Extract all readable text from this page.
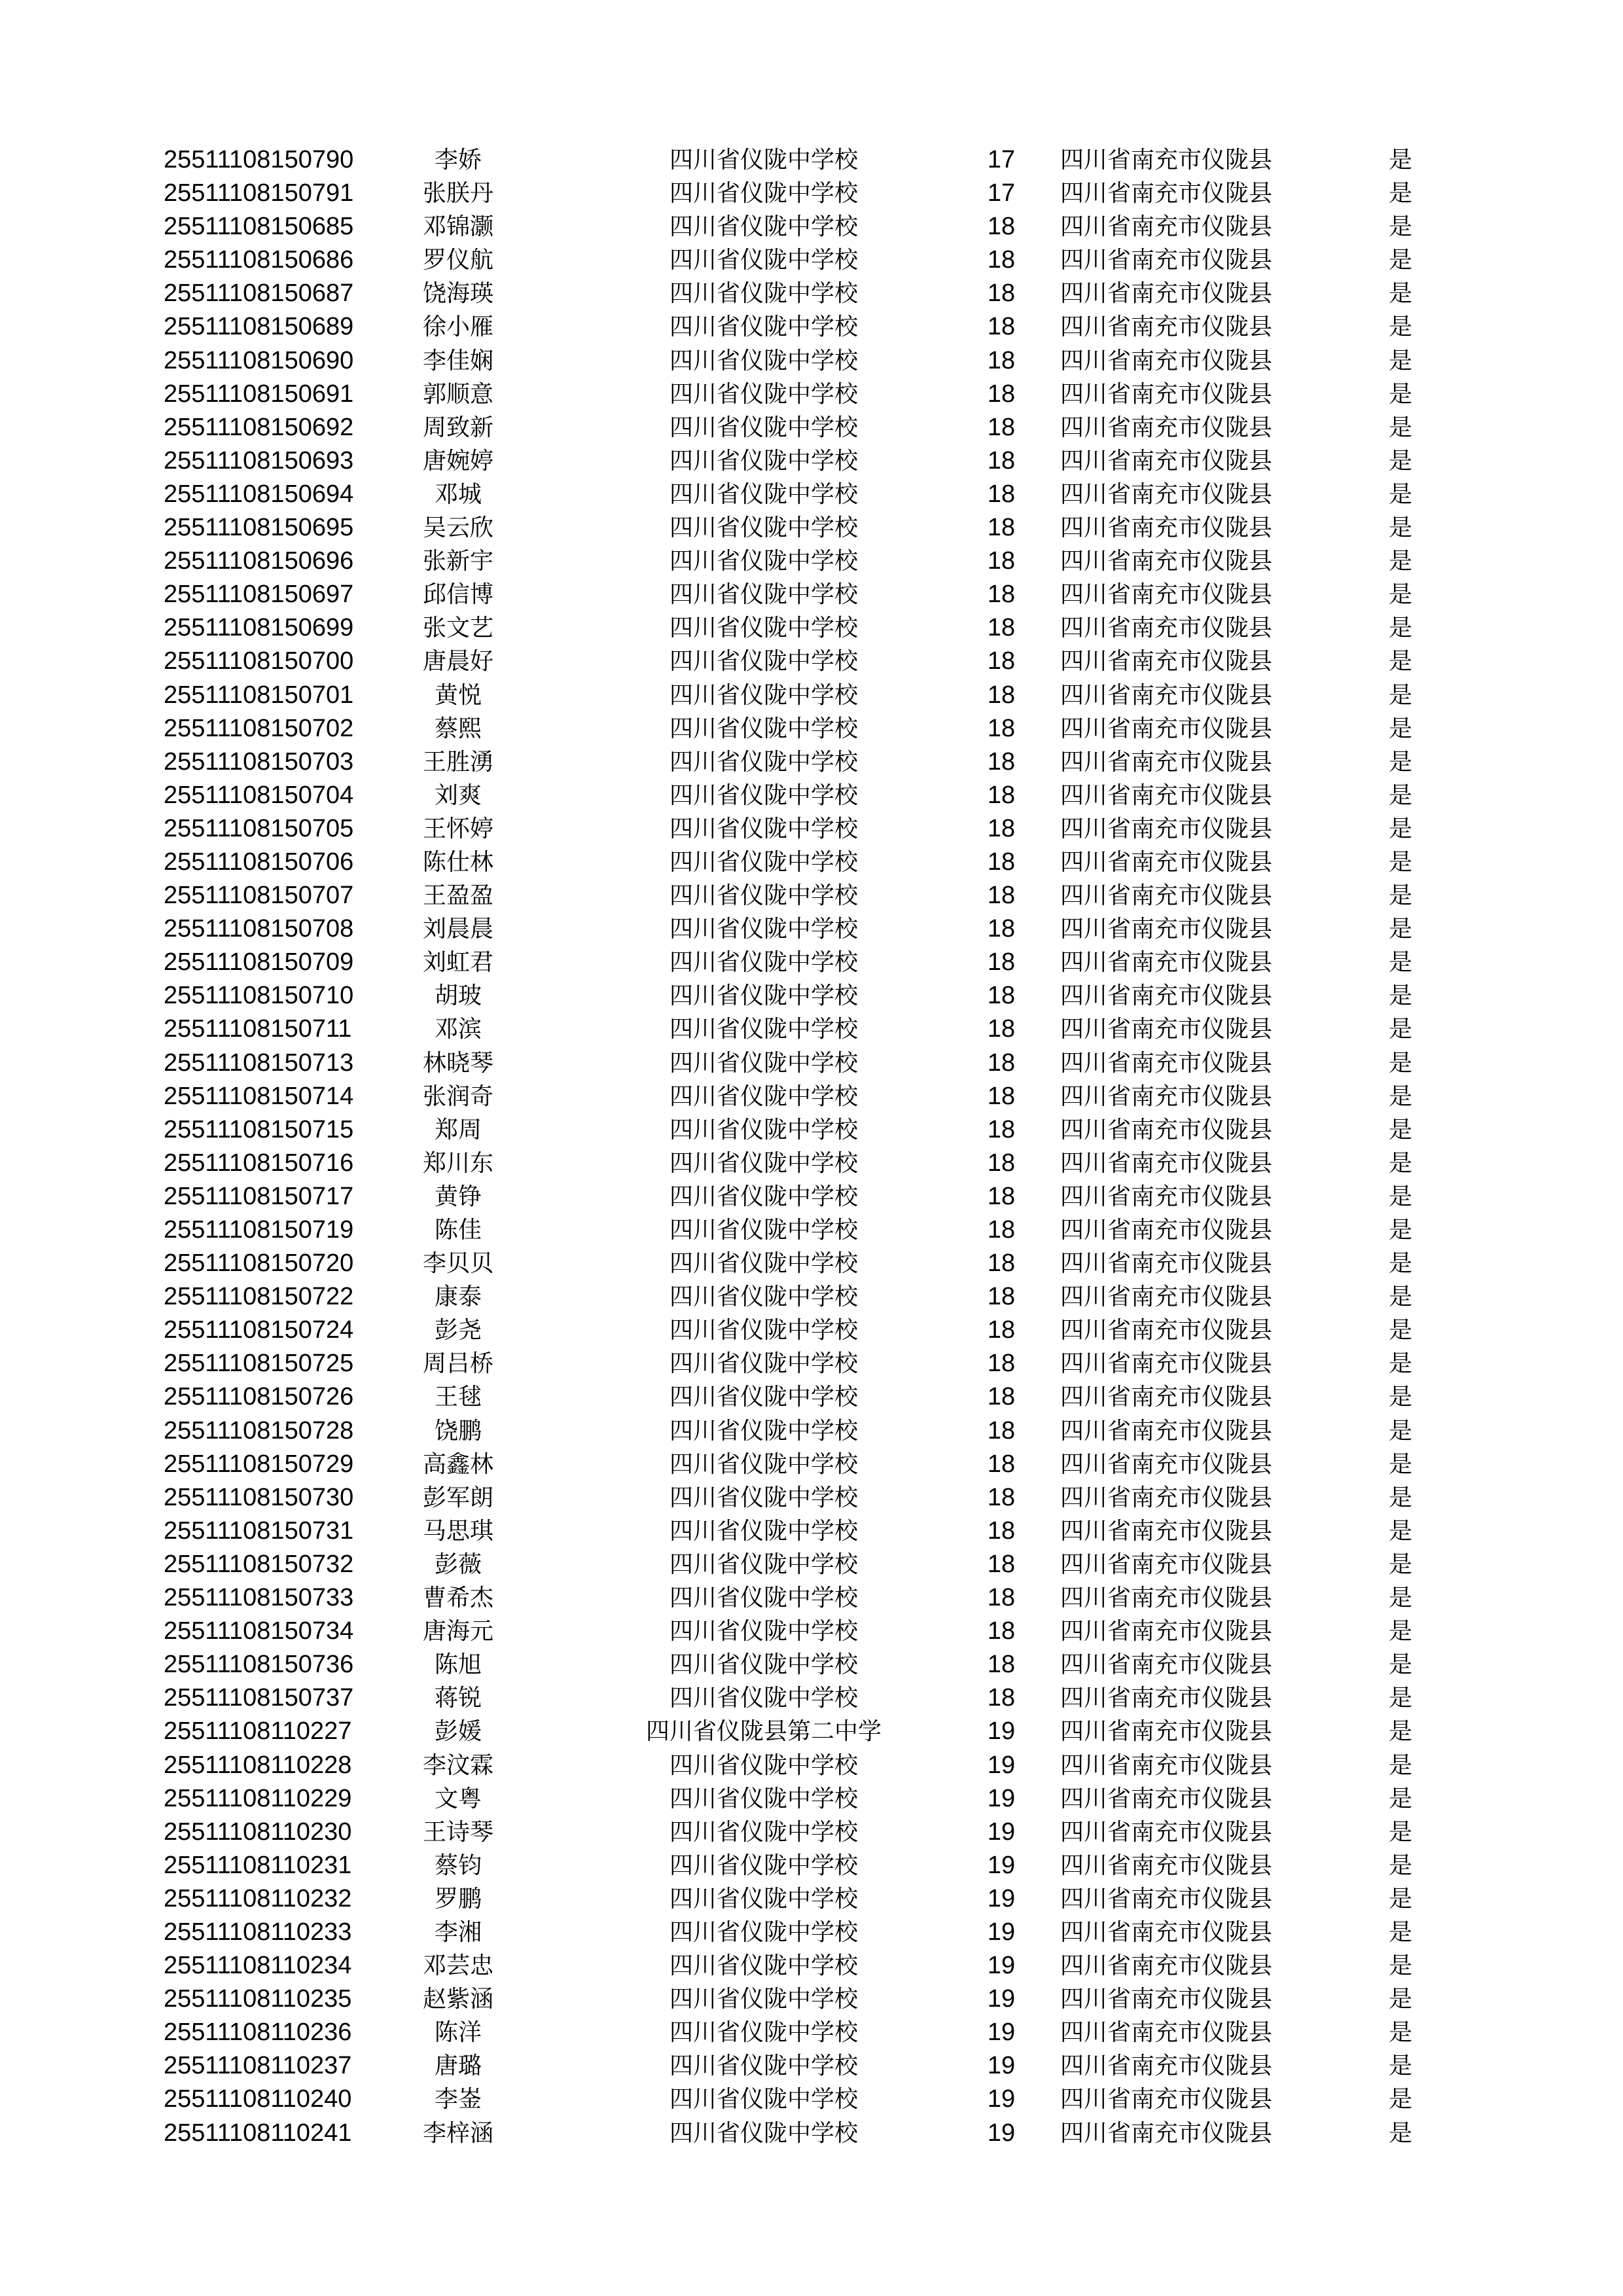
25511108150790	李娇	四川省仪陇中学校	17 四川省南充市仪陇县	是
25511108150791	张朕丹	四川省仪陇中学校	17 四川省南充市仪陇县	是
25511108150685	邓锦灏	四川省仪陇中学校	18 四川省南充市仪陇县	是
25511108150686	罗仪航	四川省仪陇中学校	18 四川省南充市仪陇县	是
25511108150687	饶海瑛	四川省仪陇中学校	18 四川省南充市仪陇县	是
25511108150689	徐小雁	四川省仪陇中学校	18 四川省南充市仪陇县	是
25511108150690	李佳娴	四川省仪陇中学校	18 四川省南充市仪陇县	是
25511108150691	郭顺意	四川省仪陇中学校	18 四川省南充市仪陇县	是
25511108150692	周致新	四川省仪陇中学校	18 四川省南充市仪陇县	是
25511108150693	唐婉婷	四川省仪陇中学校	18 四川省南充市仪陇县	是
25511108150694	邓城	四川省仪陇中学校	18 四川省南充市仪陇县	是
25511108150695	吴云欣	四川省仪陇中学校	18 四川省南充市仪陇县	是
25511108150696	张新宇	四川省仪陇中学校	18 四川省南充市仪陇县	是
25511108150697	邱信博	四川省仪陇中学校	18 四川省南充市仪陇县	是
25511108150699	张文艺	四川省仪陇中学校	18 四川省南充市仪陇县	是
25511108150700	唐晨好	四川省仪陇中学校	18 四川省南充市仪陇县	是
25511108150701	黄悦	四川省仪陇中学校	18 四川省南充市仪陇县	是
25511108150702	蔡熙	四川省仪陇中学校	18 四川省南充市仪陇县	是
25511108150703	王胜湧	四川省仪陇中学校	18 四川省南充市仪陇县	是
25511108150704	刘爽	四川省仪陇中学校	18 四川省南充市仪陇县	是
25511108150705	王怀婷	四川省仪陇中学校	18 四川省南充市仪陇县	是
25511108150706	陈仕林	四川省仪陇中学校	18 四川省南充市仪陇县	是
25511108150707	王盈盈	四川省仪陇中学校	18 四川省南充市仪陇县	是
25511108150708	刘晨晨	四川省仪陇中学校	18 四川省南充市仪陇县	是
25511108150709	刘虹君	四川省仪陇中学校	18 四川省南充市仪陇县	是
25511108150710	胡玻	四川省仪陇中学校	18 四川省南充市仪陇县	是
25511108150711	邓滨	四川省仪陇中学校	18 四川省南充市仪陇县	是
25511108150713	林晓琴	四川省仪陇中学校	18 四川省南充市仪陇县	是
25511108150714	张润奇	四川省仪陇中学校	18 四川省南充市仪陇县	是
25511108150715	郑周	四川省仪陇中学校	18 四川省南充市仪陇县	是
25511108150716	郑川东	四川省仪陇中学校	18 四川省南充市仪陇县	是
25511108150717	黄铮	四川省仪陇中学校	18 四川省南充市仪陇县	是
25511108150719	陈佳	四川省仪陇中学校	18 四川省南充市仪陇县	是
25511108150720	李贝贝	四川省仪陇中学校	18 四川省南充市仪陇县	是
25511108150722	康泰	四川省仪陇中学校	18 四川省南充市仪陇县	是
25511108150724	彭尧	四川省仪陇中学校	18 四川省南充市仪陇县	是
25511108150725	周吕桥	四川省仪陇中学校	18 四川省南充市仪陇县	是
25511108150726	王毬	四川省仪陇中学校	18 四川省南充市仪陇县	是
25511108150728	饶鹏	四川省仪陇中学校	18 四川省南充市仪陇县	是
25511108150729	高鑫林	四川省仪陇中学校	18 四川省南充市仪陇县	是
25511108150730	彭军朗	四川省仪陇中学校	18 四川省南充市仪陇县	是
25511108150731	马思琪	四川省仪陇中学校	18 四川省南充市仪陇县	是
25511108150732	彭薇	四川省仪陇中学校	18 四川省南充市仪陇县	是
25511108150733	曹希杰	四川省仪陇中学校	18 四川省南充市仪陇县	是
25511108150734	唐海元	四川省仪陇中学校	18 四川省南充市仪陇县	是
25511108150736	陈旭	四川省仪陇中学校	18 四川省南充市仪陇县	是
25511108150737	蒋锐	四川省仪陇中学校	18 四川省南充市仪陇县	是
25511108110227	彭媛	四川省仪陇县第二中学	19 四川省南充市仪陇县	是
25511108110228	李汶霖	四川省仪陇中学校	19 四川省南充市仪陇县	是
25511108110229	文粤	四川省仪陇中学校	19 四川省南充市仪陇县	是
25511108110230	王诗琴	四川省仪陇中学校	19 四川省南充市仪陇县	是
25511108110231	蔡钧	四川省仪陇中学校	19 四川省南充市仪陇县	是
25511108110232	罗鹏	四川省仪陇中学校	19 四川省南充市仪陇县	是
25511108110233	李湘	四川省仪陇中学校	19 四川省南充市仪陇县	是
25511108110234	邓芸忠	四川省仪陇中学校	19 四川省南充市仪陇县	是
25511108110235	赵紫涵	四川省仪陇中学校	19 四川省南充市仪陇县	是
25511108110236	陈洋	四川省仪陇中学校	19 四川省南充市仪陇县	是
25511108110237	唐璐	四川省仪陇中学校	19 四川省南充市仪陇县	是
25511108110240	李崟	四川省仪陇中学校	19 四川省南充市仪陇县	是
25511108110241	李梓涵	四川省仪陇中学校	19 四川省南充市仪陇县	是
